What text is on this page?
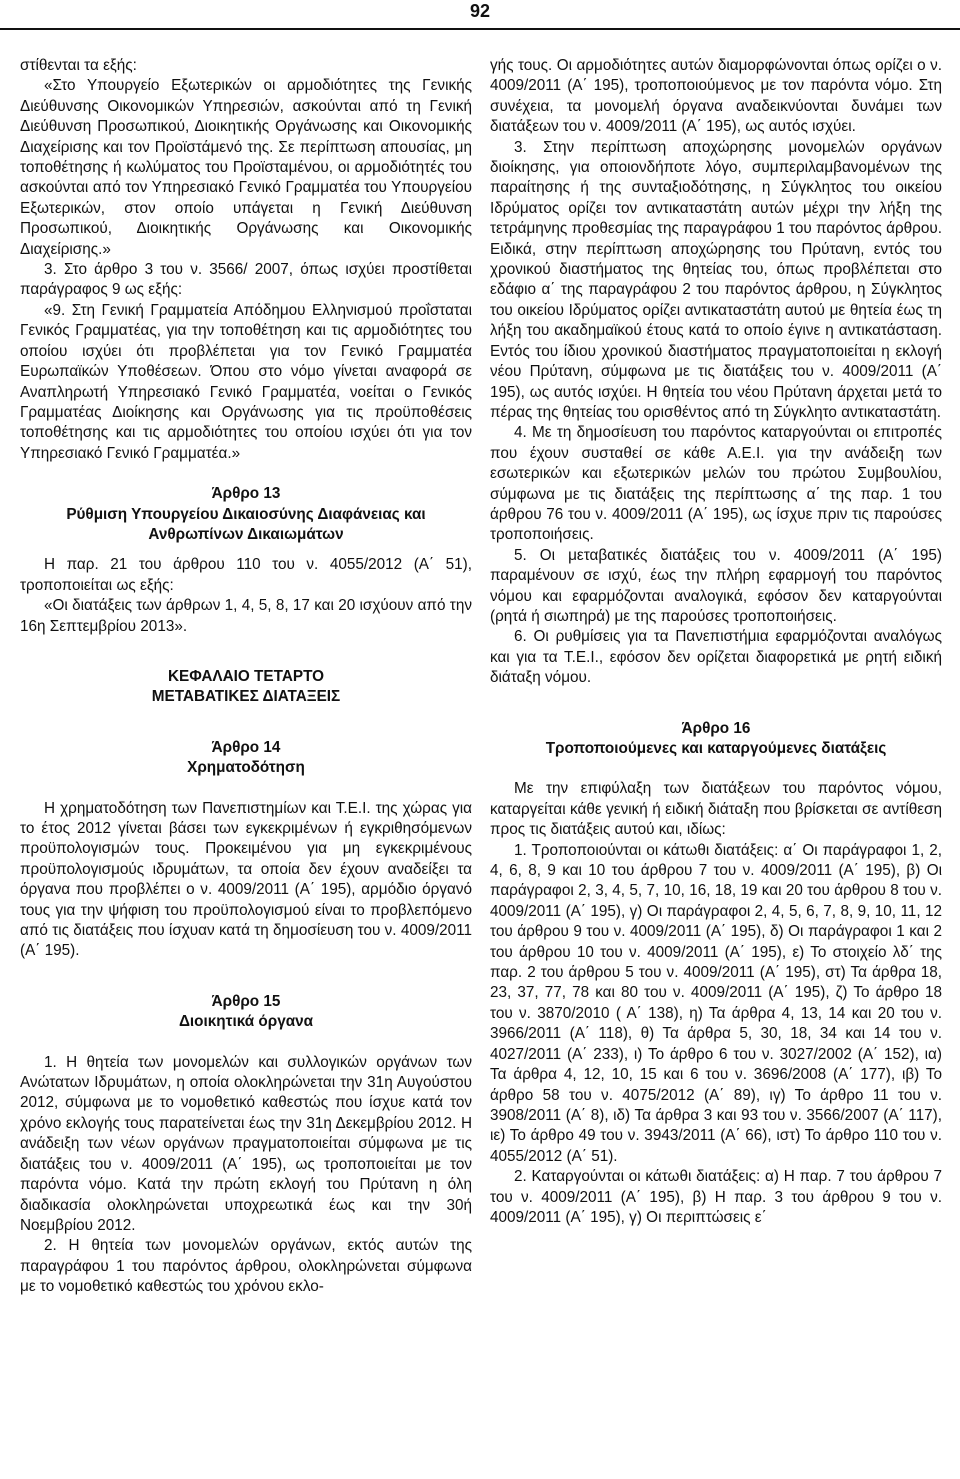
92

στίθενται τα εξής:

«Στο Υπουργείο Εξωτερικών οι αρμοδιότητες της Γενικής Διεύθυνσης Οικονομικών Υπηρεσιών, ασκούνται από τη Γενική Διεύθυνση Προσωπικού, Διοικητικής Οργάνωσης και Οικονομικής Διαχείρισης και τον Προϊστάμενό της. Σε περίπτωση απουσίας, μη τοποθέτησης ή κωλύματος του Προϊσταμένου, οι αρμοδιότητές του ασκούνται από τον Υπηρεσιακό Γενικό Γραμματέα του Υπουργείου Εξωτερικών, στον οποίο υπάγεται η Γενική Διεύθυνση Προσωπικού, Διοικητικής Οργάνωσης και Οικονομικής Διαχείρισης.»

3. Στο άρθρο 3 του ν. 3566/ 2007, όπως ισχύει προστίθεται παράγραφος 9 ως εξής:

«9. Στη Γενική Γραμματεία Απόδημου Ελληνισμού προΐσταται Γενικός Γραμματέας, για την τοποθέτηση και τις αρμοδιότητες του οποίου ισχύει ότι προβλέπεται για τον Γενικό Γραμματέα Ευρωπαϊκών Υποθέσεων. Όπου στο νόμο γίνεται αναφορά σε Αναπληρωτή Υπηρεσιακό Γενικό Γραμματέα, νοείται ο Γενικός Γραμματέας Διοίκησης και Οργάνωσης για τις προϋποθέσεις τοποθέτησης και τις αρμοδιότητες του οποίου ισχύει ότι για τον Υπηρεσιακό Γενικό Γραμματέα.»

Άρθρο 13

Ρύθμιση Υπουργείου Δικαιοσύνης Διαφάνειας και

Ανθρωπίνων Δικαιωμάτων

Η παρ. 21 του άρθρου 110 του ν. 4055/2012 (Α΄ 51), τροποποιείται ως εξής:

«Οι διατάξεις των άρθρων 1, 4, 5, 8, 17 και 20 ισχύουν από την 16η Σεπτεμβρίου 2013».

ΚΕΦΑΛΑΙΟ ΤΕΤΑΡΤΟ

ΜΕΤΑΒΑΤΙΚΕΣ ΔΙΑΤΑΞΕΙΣ

Άρθρο 14

Χρηματοδότηση

Η χρηματοδότηση των Πανεπιστημίων και Τ.Ε.Ι. της χώρας για το έτος 2012 γίνεται βάσει των εγκεκριμένων ή εγκριθησόμενων προϋπολογισμών τους. Προκειμένου για μη εγκεκριμένους προϋπολογισμούς ιδρυμάτων, τα οποία δεν έχουν αναδείξει τα όργανα που προβλέπει ο ν. 4009/2011 (Α΄ 195), αρμόδιο όργανό τους για την ψήφιση του προϋπολογισμού είναι το προβλεπόμενο από τις διατάξεις που ίσχυαν κατά τη δημοσίευση του ν. 4009/2011 (Α΄ 195).

Άρθρο 15

Διοικητικά όργανα

1. Η θητεία των μονομελών και συλλογικών οργάνων των Ανώτατων Ιδρυμάτων, η οποία ολοκληρώνεται την 31η Αυγούστου 2012, σύμφωνα με το νομοθετικό καθεστώς που ίσχυε κατά τον χρόνο εκλογής τους παρατείνεται έως την 31η Δεκεμβρίου 2012. Η ανάδειξη των νέων οργάνων πραγματοποιείται σύμφωνα με τις διατάξεις του ν. 4009/2011 (Α΄ 195), ως τροποποιείται με τον παρόντα νόμο. Κατά την πρώτη εκλογή του Πρύτανη η όλη διαδικασία ολοκληρώνεται υποχρεωτικά έως και την 30ή Νοεμβρίου 2012.

2. Η θητεία των μονομελών οργάνων, εκτός αυτών της παραγράφου 1 του παρόντος άρθρου, ολοκληρώνεται σύμφωνα με το νομοθετικό καθεστώς του χρόνου εκλο-

γής τους. Οι αρμοδιότητες αυτών διαμορφώνονται όπως ορίζει ο ν. 4009/2011 (Α΄ 195), τροποποιούμενος με τον παρόντα νόμο. Στη συνέχεια, τα μονομελή όργανα αναδεικνύονται δυνάμει των διατάξεων του ν. 4009/2011 (Α΄ 195), ως αυτός ισχύει.

3. Στην περίπτωση αποχώρησης μονομελών οργάνων διοίκησης, για οποιονδήποτε λόγο, συμπεριλαμβανομένων της παραίτησης ή της συνταξιοδότησης, η Σύγκλητος του οικείου Ιδρύματος ορίζει τον αντικαταστάτη αυτών μέχρι την λήξη της τετράμηνης προθεσμίας της παραγράφου 1 του παρόντος άρθρου. Ειδικά, στην περίπτωση αποχώρησης του Πρύτανη, εντός του χρονικού διαστήματος της θητείας του, όπως προβλέπεται στο εδάφιο α΄ της παραγράφου 2 του παρόντος άρθρου, η Σύγκλητος του οικείου Ιδρύματος ορίζει αντικαταστάτη αυτού με θητεία έως τη λήξη του ακαδημαϊκού έτους κατά το οποίο έγινε η αντικατάσταση. Εντός του ίδιου χρονικού διαστήματος πραγματοποιείται η εκλογή νέου Πρύτανη, σύμφωνα με τις διατάξεις του ν. 4009/2011 (Α΄ 195), ως αυτός ισχύει. Η θητεία του νέου Πρύτανη άρχεται μετά το πέρας της θητείας του ορισθέντος από τη Σύγκλητο αντικαταστάτη.

4. Με τη δημοσίευση του παρόντος καταργούνται οι επιτροπές που έχουν συσταθεί σε κάθε Α.Ε.Ι. για την ανάδειξη των εσωτερικών και εξωτερικών μελών του πρώτου Συμβουλίου, σύμφωνα με τις διατάξεις της περίπτωσης α΄ της παρ. 1 του άρθρου 76 του ν. 4009/2011 (Α΄ 195), ως ίσχυε πριν τις παρούσες τροποποιήσεις.

5. Οι μεταβατικές διατάξεις του ν. 4009/2011 (Α΄ 195) παραμένουν σε ισχύ, έως την πλήρη εφαρμογή του παρόντος νόμου και εφαρμόζονται αναλογικά, εφόσον δεν καταργούνται (ρητά ή σιωπηρά) με της παρούσες τροποποιήσεις.

6. Οι ρυθμίσεις για τα Πανεπιστήμια εφαρμόζονται αναλόγως και για τα Τ.Ε.Ι., εφόσον δεν ορίζεται διαφορετικά με ρητή ειδική διάταξη νόμου.

Άρθρο 16

Τροποποιούμενες και καταργούμενες διατάξεις

Με την επιφύλαξη των διατάξεων του παρόντος νόμου, καταργείται κάθε γενική ή ειδική διάταξη που βρίσκεται σε αντίθεση προς τις διατάξεις αυτού και, ιδίως:

1. Τροποποιούνται οι κάτωθι διατάξεις: α΄ Οι παράγραφοι 1, 2, 4, 6, 8, 9 και 10 του άρθρου 7 του ν. 4009/2011 (Α΄ 195), β) Οι παράγραφοι 2, 3, 4, 5, 7, 10, 16, 18, 19 και 20 του άρθρου 8 του ν. 4009/2011 (Α΄ 195), γ) Οι παράγραφοι 2, 4, 5, 6, 7, 8, 9, 10, 11, 12 του άρθρου 9 του ν. 4009/2011 (Α΄ 195), δ) Οι παράγραφοι 1 και 2 του άρθρου 10 του ν. 4009/2011 (Α΄ 195), ε) Το στοιχείο λδ΄ της παρ. 2 του άρθρου 5 του ν. 4009/2011 (Α΄ 195), στ) Τα άρθρα 18, 23, 37, 77, 78 και 80 του ν. 4009/2011 (Α΄ 195), ζ) Το άρθρο 18 του ν. 3870/2010 ( Α΄ 138), η) Τα άρθρα 4, 13, 14 και 20 του ν. 3966/2011 (Α΄ 118), θ) Τα άρθρα 5, 30, 18, 34 και 14 του ν. 4027/2011 (Α΄ 233), ι) Το άρθρο 6 του ν. 3027/2002 (Α΄ 152), ια) Τα άρθρα 4, 12, 10, 15 και 6 του ν. 3696/2008 (Α΄ 177), ιβ) Το άρθρο 58 του ν. 4075/2012 (Α΄ 89), ιγ) Το άρθρο 11 του ν. 3908/2011 (Α΄ 8), ιδ) Τα άρθρα 3 και 93 του ν. 3566/2007 (Α΄ 117), ιε) Το άρθρο 49 του ν. 3943/2011 (Α΄ 66), ιστ) Το άρθρο 110 του ν. 4055/2012 (Α΄ 51).

2. Καταργούνται οι κάτωθι διατάξεις: α) Η παρ. 7 του άρθρου 7 του ν. 4009/2011 (Α΄ 195), β) Η παρ. 3 του άρθρου 9 του ν. 4009/2011 (Α΄ 195), γ) Οι περιπτώσεις ε΄
